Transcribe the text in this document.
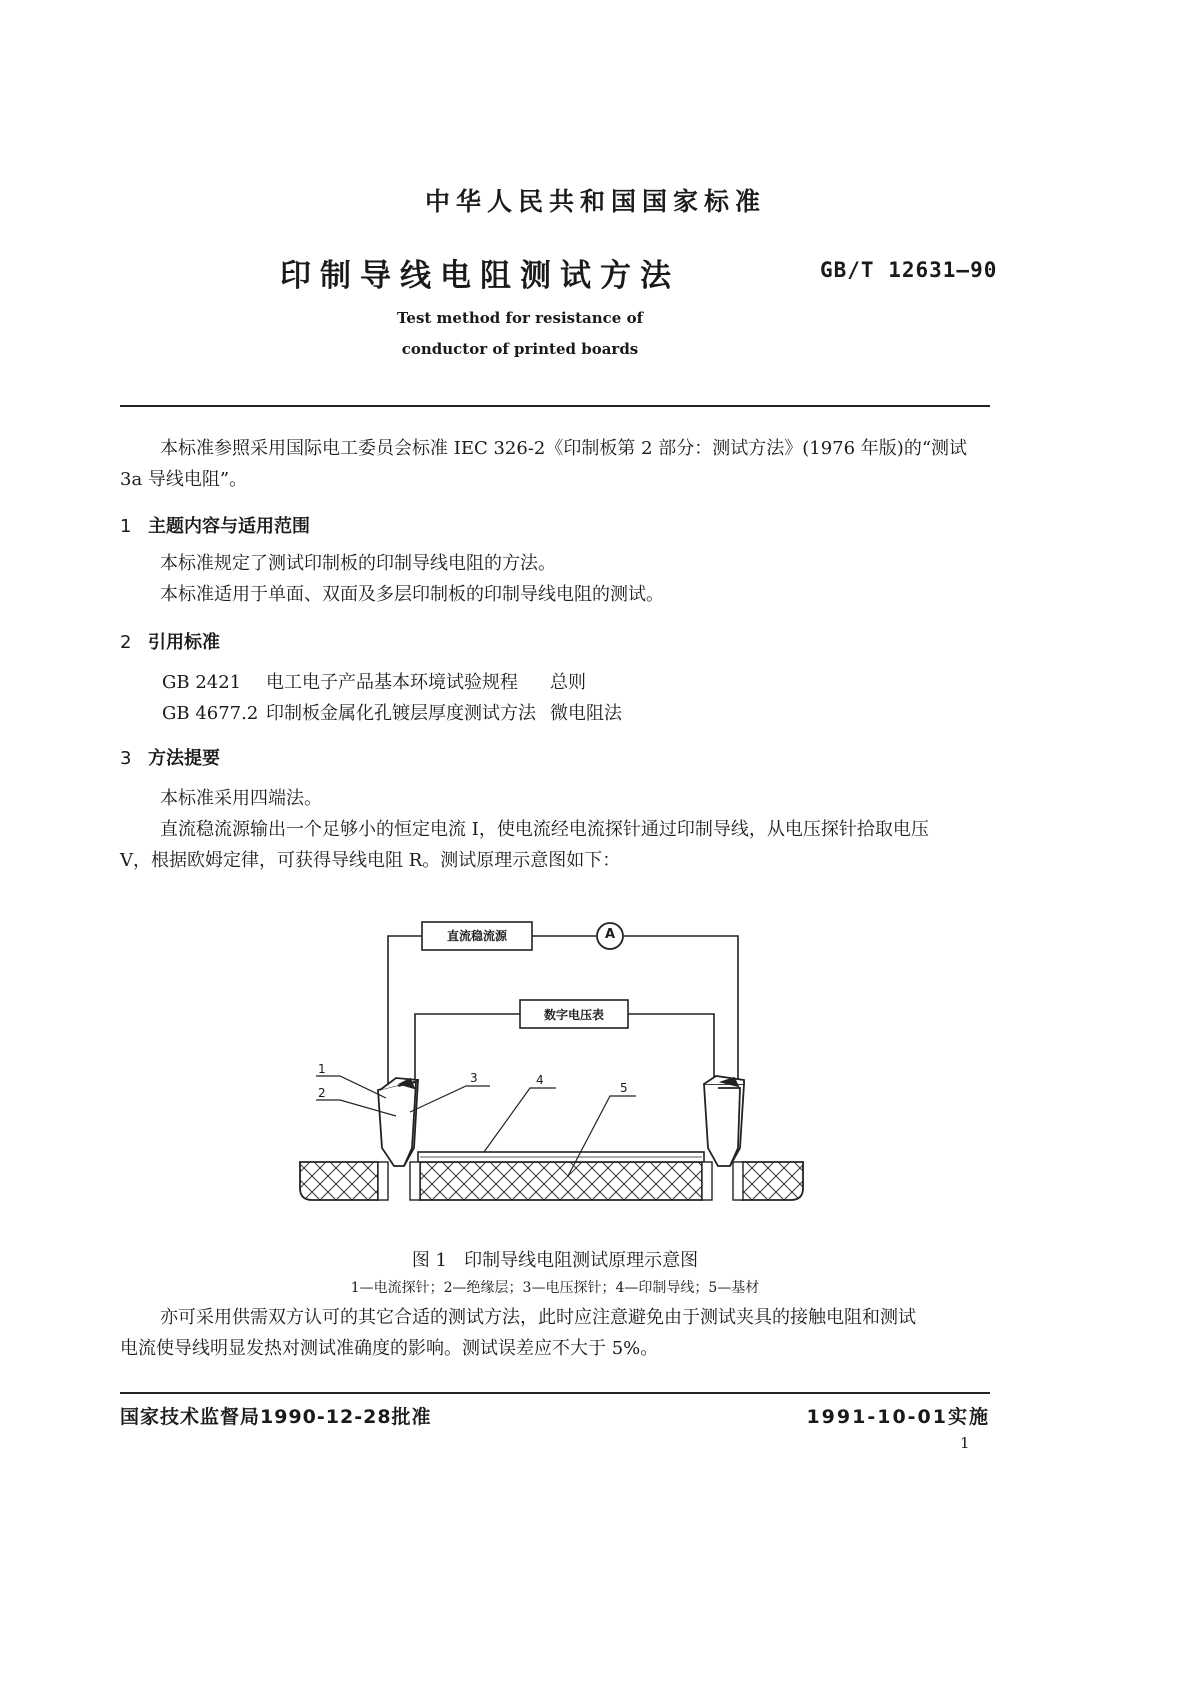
中华人民共和国国家标准
印制导线电阻测试方法	GB/T 12631—90
Test method for resistance of
conductor of printed boards
本标准参照采用国际电工委员会标准 IEC 326-2《印制板第 2 部分：测试方法》(1976 年版)的“测试
3a 导线电阻”。
1 主题内容与适用范围
本标准规定了测试印制板的印制导线电阻的方法。
本标准适用于单面、双面及多层印制板的印制导线电阻的测试。
2 引用标准
GB 2421 电工电子产品基本环境试验规程 总则
GB 4677.2 印制板金属化孔镀层厚度测试方法 微电阻法
3 方法提要
本标准采用四端法。
直流稳流源输出一个足够小的恒定电流 I，使电流经电流探针通过印制导线，从电压探针拾取电压
V，根据欧姆定律，可获得导线电阻 R。测试原理示意图如下：
直流稳流源	A
数字电压表
1
2
3	4
5
图 1 印制导线电阻测试原理示意图
1—电流探针；2—绝缘层；3—电压探针；4—印制导线；5—基材
亦可采用供需双方认可的其它合适的测试方法，此时应注意避免由于测试夹具的接触电阻和测试
电流使导线明显发热对测试准确度的影响。测试误差应不大于 5%。
国家技术监督局1990-12-28批准	1991-10-01实施
1
